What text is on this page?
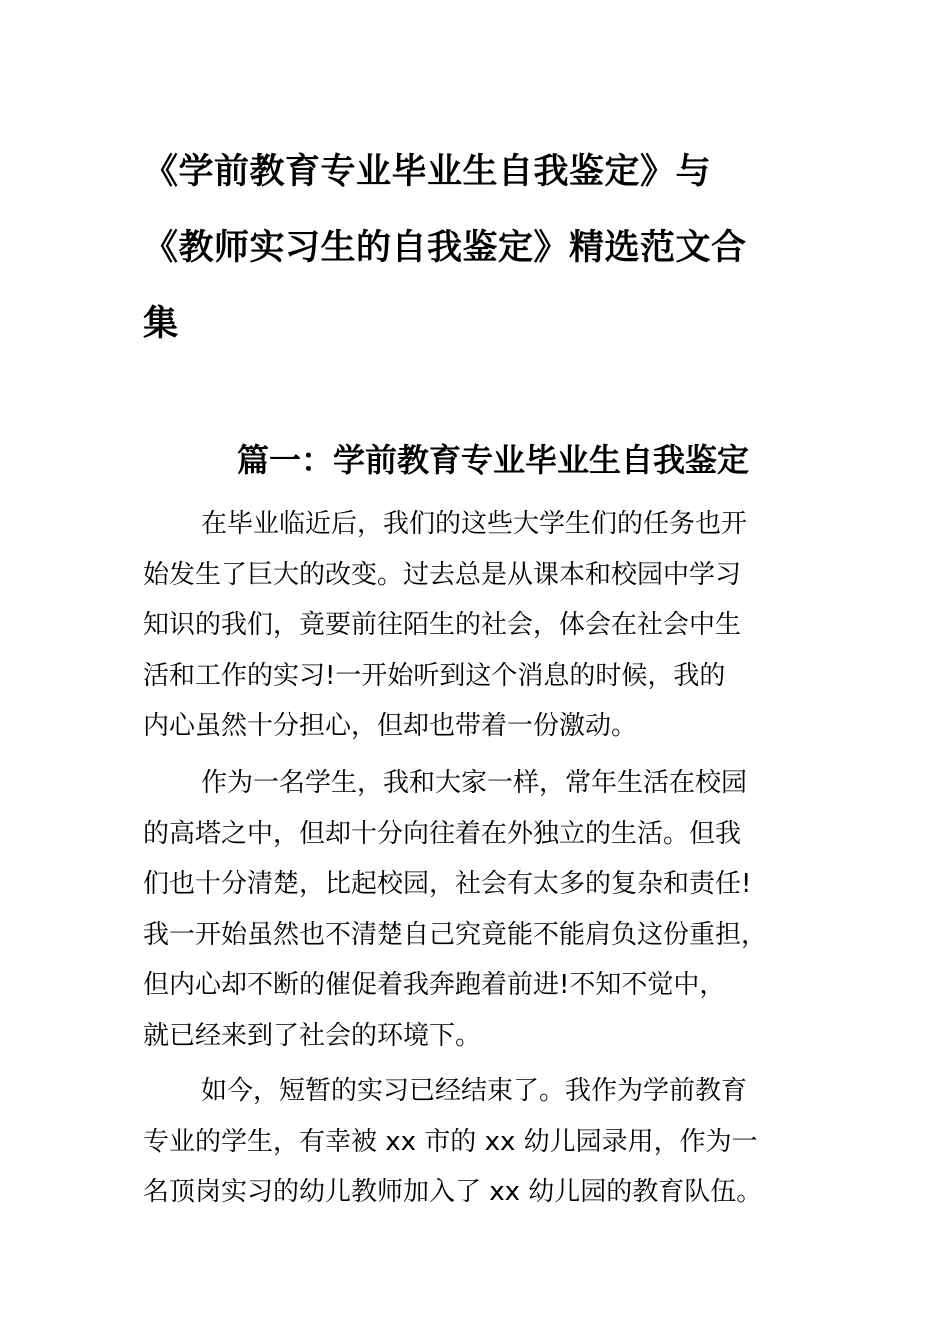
《学前教育专业毕业生自我鉴定》与
《教师实习生的自我鉴定》精选范文合
集
篇一：学前教育专业毕业生自我鉴定

在毕业临近后，我们的这些大学生们的任务也开
始发生了巨大的改变。过去总是从课本和校园中学习
知识的我们，竟要前往陌生的社会，体会在社会中生
活和工作的实习!一开始听到这个消息的时候，我的
内心虽然十分担心，但却也带着一份激动。

作为一名学生，我和大家一样，常年生活在校园
的高塔之中，但却十分向往着在外独立的生活。但我
们也十分清楚，比起校园，社会有太多的复杂和责任!
我一开始虽然也不清楚自己究竟能不能肩负这份重担，
但内心却不断的催促着我奔跑着前进!不知不觉中，
就已经来到了社会的环境下。

如今，短暂的实习已经结束了。我作为学前教育
专业的学生，有幸被 xx 市的 xx 幼儿园录用，作为一
名顶岗实习的幼儿教师加入了 xx 幼儿园的教育队伍。
